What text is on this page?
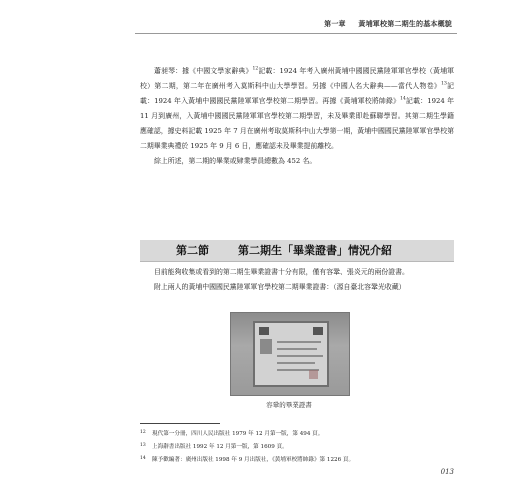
第一章 黃埔軍校第二期生的基本概貌

蕭昶琴：據《中國文學家辭典》$^{12}$記載：1924 年考入廣州黃埔中國國民黨陸軍軍官學校（黃埔軍校）第二期，第二年在廣州考入莫斯科中山大學學習。另據《中國人名大辭典——當代人物卷》$^{13}$記載：1924 年入黃埔中國國民黨陸軍軍官學校第二期學習。再據《黃埔軍校將帥錄》$^{14}$記載：1924 年 11 月到廣州，入黃埔中國國民黨陸軍軍官學校第二期學習，未及畢業即赴蘇聯學習。其第二期生學籍應確認，據史料記載 1925 年 7 月在廣州考取莫斯科中山大學第一期，黃埔中國國民黨陸軍軍官學校第二期畢業典禮於 1925 年 9 月 6 日，應確認未及畢業提前離校。

綜上所述，第二期的畢業或肄業學員總數為 452 名。

第二節	第二期生「畢業證書」情況介紹

目前能夠收集或看到的第二期生畢業證書十分有限，僅有容鞏、張炎元的兩份證書。

附上兩人的黃埔中國國民黨陸軍軍官學校第二期畢業證書：（源自臺北容鞏光收藏）

容鞏的畢業證書
12 現代第一分冊，四川人民出版社 1979 年 12 月第一版，第 494 頁。
13 上海辭書出版社 1992 年 12 月第一版，第 1609 頁。
14 陳予歡編著：廣州出版社 1998 年 9 月出版社，《黃埔軍校將帥錄》第 1226 頁。
013
